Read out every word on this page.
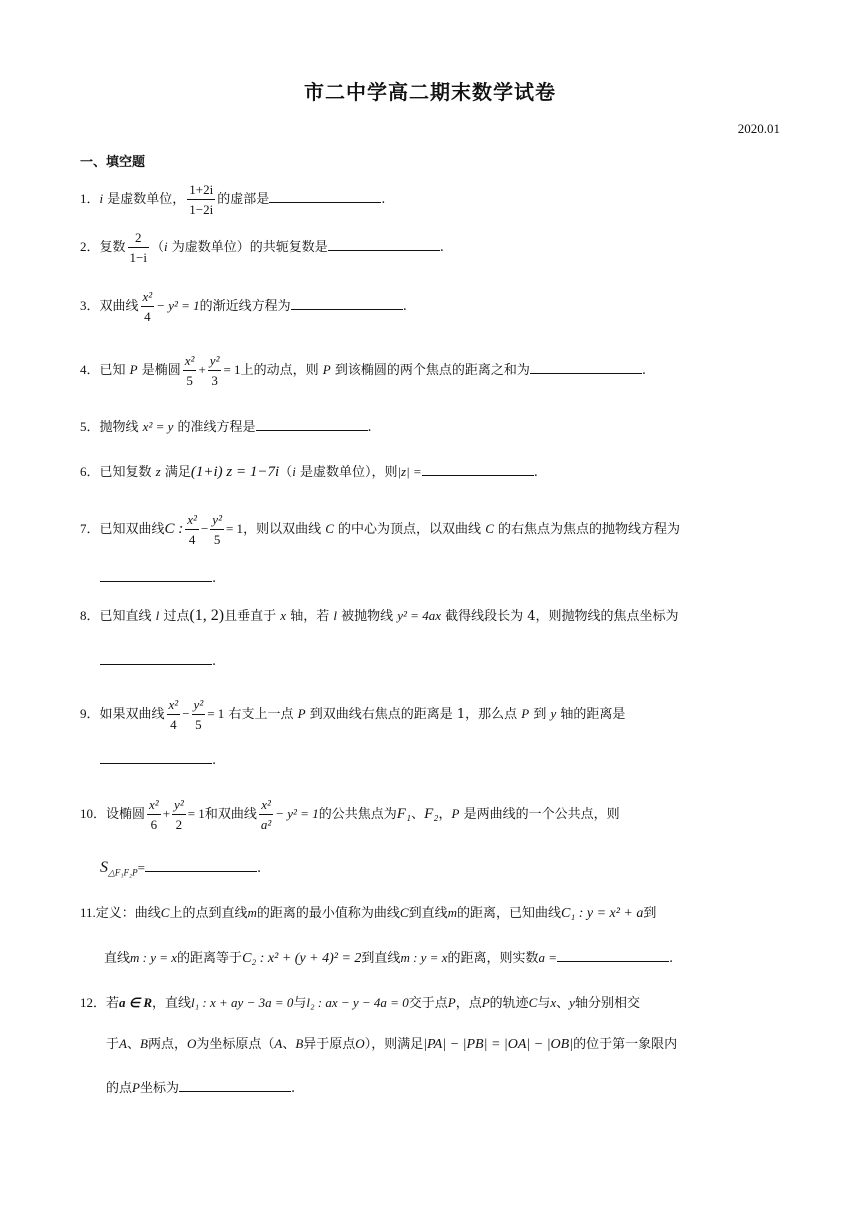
市二中学高二期末数学试卷
2020.01
一、填空题
1．i 是虚数单位， $\frac{1+2i}{1-2i}$ 的虚部是	.
2．复数 $\frac{2}{1-i} (i$ 为虚数单位）的共轭复数是	.
3．双曲线 $\frac{\text{x²}}{4} - y^2 = 1$的渐近线方程为	.
4．已知 P 是椭圆 $\frac{\text{x²}}{5} + \frac{\text{y²}}{3} = 1$上的动点，则 P 到该椭圆的两个焦点的距离之和为	.
5．抛物线 x² = y 的准线方程是	.
6．已知复数 z 满足(1+i) z = 1−7i（i 是虚数单位），则|z| =	.
7．已知双曲线C : $\frac{\text{x²}}{4} - \frac{\text{y²}}{5} = 1$，则以双曲线 C 的中心为顶点，以双曲线 C 的右焦点为焦点的抛物线方程为
.
8．已知直线 l 过点(1, 2)且垂直于 x 轴，若 l 被抛物线 y² = 4ax 截得线段长为 4，则抛物线的焦点坐标为
.
9．如果双曲线 $\frac{\text{x²}}{4} - \frac{\text{y²}}{5} = 1$ 右支上一点 P 到双曲线右焦点的距离是 1，那么点 P 到 y 轴的距离是
.
10．设椭圆 $\frac{\text{x²}}{6} + \frac{\text{y²}}{2} = 1$和双曲线 $\frac{\text{x²}}{\text{a²}} - y^2 = 1$的公共焦点为F₁、F₂，P 是两曲线的一个公共点，则
$S_{\triangle F_1F_2P}=$	.
11.定义：曲线C上的点到直线m的距离的最小值称为曲线C到直线m的距离，已知曲线C₁ : y = x² + a到
直线m : y = x的距离等于C₂ : x² + (y + 4)² = 2到直线m : y = x的距离，则实数a =	.
12．若a ∈ R，直线l₁ : x + ay − 3a = 0与l₂ : ax − y − 4a = 0交于点P，点P的轨迹C与x、y轴分别相交
于A、B两点，O为坐标原点（A、B异于原点O），则满足|PA| − |PB| = |OA| − |OB|的位于第一象限内
的点P坐标为	.
